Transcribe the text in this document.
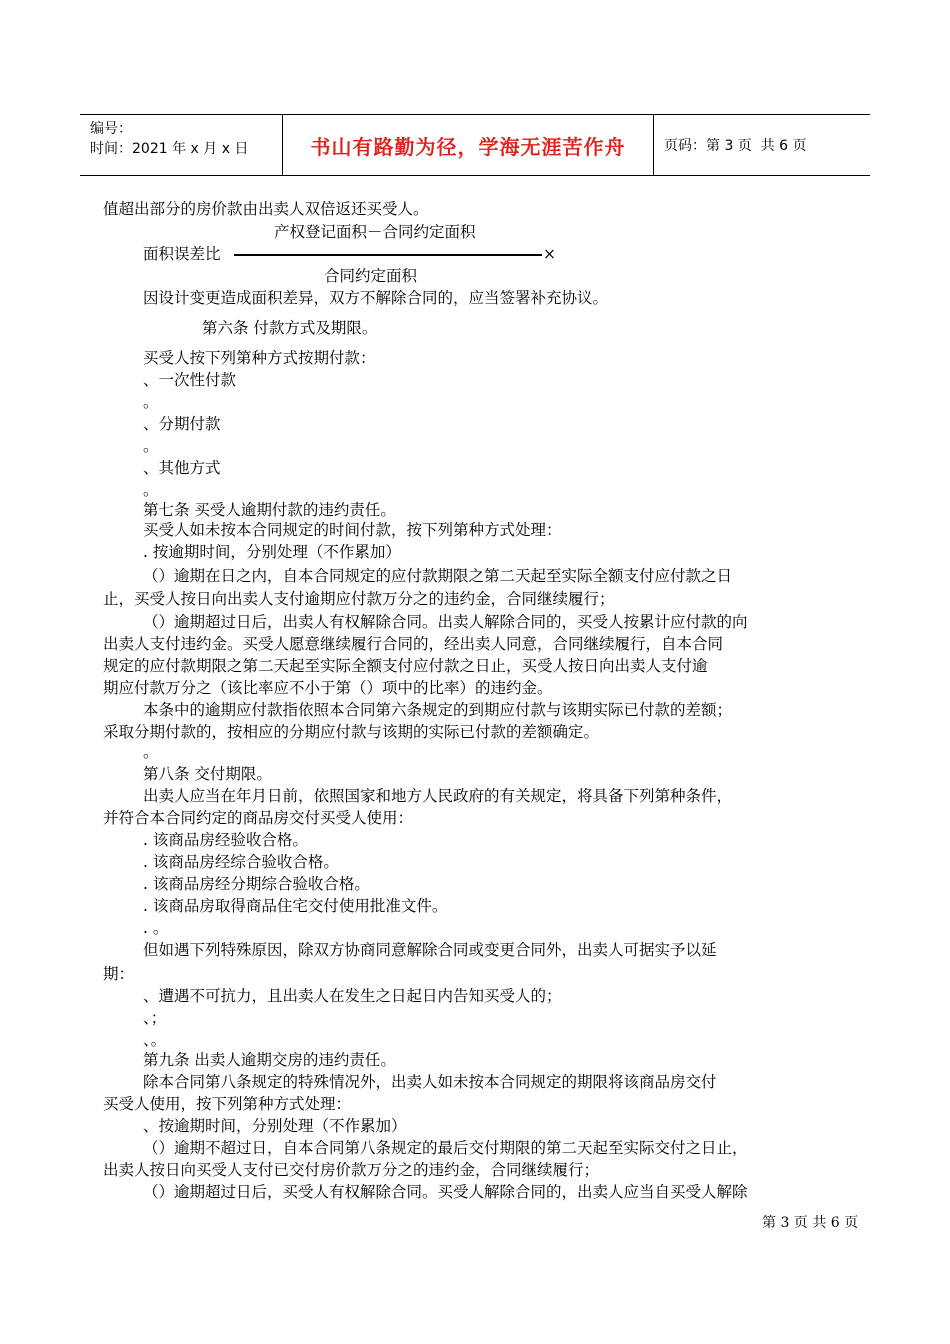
编号：
时间：2021 年 x 月 x 日	书山有路勤为径，学海无涯苦作舟	页码：第 3 页  共 6 页
值超出部分的房价款由出卖人双倍返还买受人。
产权登记面积－合同约定面积
面积误差比	×
合同约定面积
因设计变更造成面积差异，双方不解除合同的，应当签署补充协议。
第六条 付款方式及期限。
买受人按下列第种方式按期付款：
、一次性付款
。
、分期付款
。
、其他方式
。
第七条 买受人逾期付款的违约责任。
买受人如未按本合同规定的时间付款，按下列第种方式处理：
. 按逾期时间，分别处理（不作累加）
（）逾期在日之内，自本合同规定的应付款期限之第二天起至实际全额支付应付款之日
止，买受人按日向出卖人支付逾期应付款万分之的违约金，合同继续履行；
（）逾期超过日后，出卖人有权解除合同。出卖人解除合同的，买受人按累计应付款的向
出卖人支付违约金。买受人愿意继续履行合同的，经出卖人同意，合同继续履行，自本合同
规定的应付款期限之第二天起至实际全额支付应付款之日止，买受人按日向出卖人支付逾
期应付款万分之（该比率应不小于第（）项中的比率）的违约金。
本条中的逾期应付款指依照本合同第六条规定的到期应付款与该期实际已付款的差额；
采取分期付款的，按相应的分期应付款与该期的实际已付款的差额确定。
。
第八条 交付期限。
出卖人应当在年月日前，依照国家和地方人民政府的有关规定，将具备下列第种条件，
并符合本合同约定的商品房交付买受人使用：
. 该商品房经验收合格。
. 该商品房经综合验收合格。
. 该商品房经分期综合验收合格。
. 该商品房取得商品住宅交付使用批准文件。
. 。
但如遇下列特殊原因，除双方协商同意解除合同或变更合同外，出卖人可据实予以延
期：
、遭遇不可抗力，且出卖人在发生之日起日内告知买受人的；
、；
、。
第九条 出卖人逾期交房的违约责任。
除本合同第八条规定的特殊情况外，出卖人如未按本合同规定的期限将该商品房交付
买受人使用，按下列第种方式处理：
、按逾期时间，分别处理（不作累加）
（）逾期不超过日，自本合同第八条规定的最后交付期限的第二天起至实际交付之日止，
出卖人按日向买受人支付已交付房价款万分之的违约金，合同继续履行；
（）逾期超过日后，买受人有权解除合同。买受人解除合同的，出卖人应当自买受人解除
第 3 页 共 6 页
